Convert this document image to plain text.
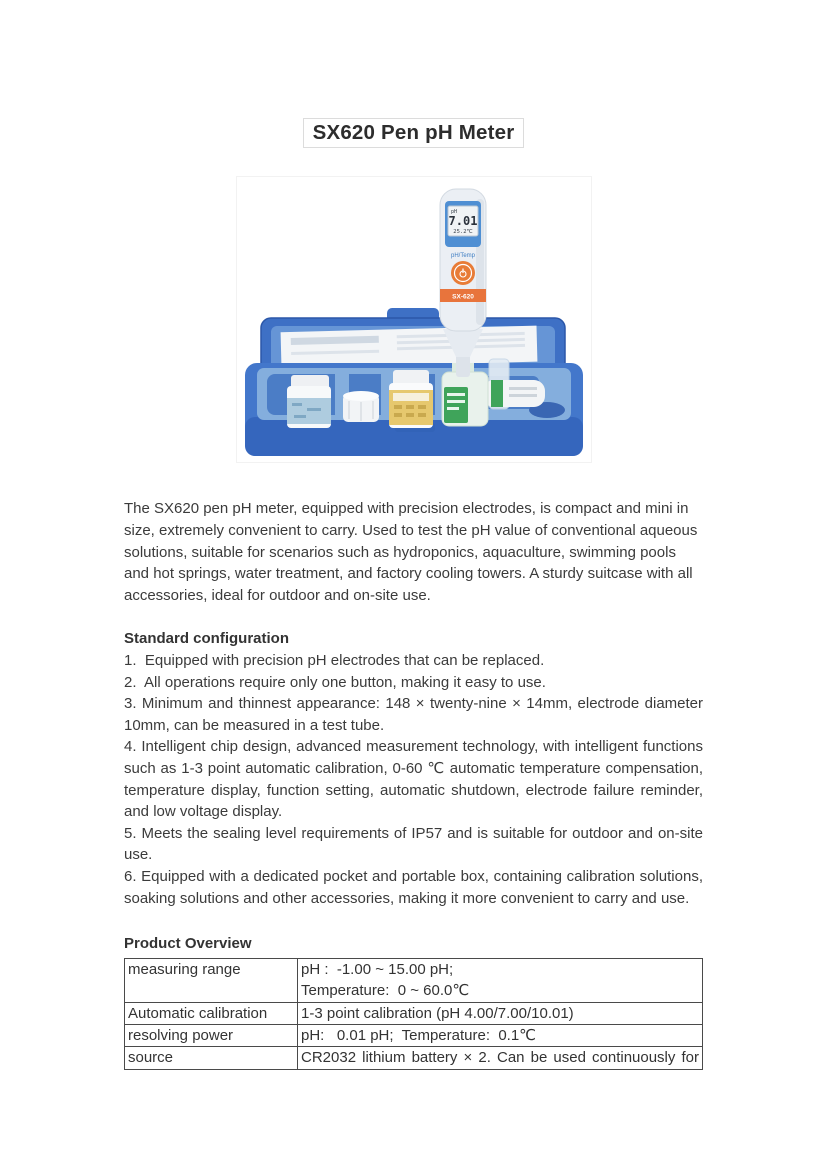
SX620 Pen pH Meter
pH
7.01
25.2℃
pH/Temp
SX-620

The SX620 pen pH meter, equipped with precision electrodes, is compact and mini in size, extremely convenient to carry. Used to test the pH value of conventional aqueous solutions, suitable for scenarios such as hydroponics, aquaculture, swimming pools and hot springs, water treatment, and factory cooling towers. A sturdy suitcase with all accessories, ideal for outdoor and on-site use.

Standard configuration
1.  Equipped with precision pH electrodes that can be replaced.
2.  All operations require only one button, making it easy to use.
3. Minimum and thinnest appearance: 148 × twenty-nine × 14mm, electrode diameter 10mm, can be measured in a test tube.
4. Intelligent chip design, advanced measurement technology, with intelligent functions such as 1-3 point automatic calibration, 0-60 ℃ automatic temperature compensation, temperature display, function setting, automatic shutdown, electrode failure reminder, and low voltage display.
5. Meets the sealing level requirements of IP57 and is suitable for outdoor and on-site use.
6. Equipped with a dedicated pocket and portable box, containing calibration solutions, soaking solutions and other accessories, making it more convenient to carry and use.
Product Overview
measuring range	pH :  -1.00 ~ 15.00 pH;
Temperature:  0 ~ 60.0℃

Automatic calibration	1-3 point calibration (pH 4.00/7.00/10.01)

resolving power	pH:   0.01 pH;  Temperature:  0.1℃

source	CR2032 lithium battery × 2. Can be used continuously for
